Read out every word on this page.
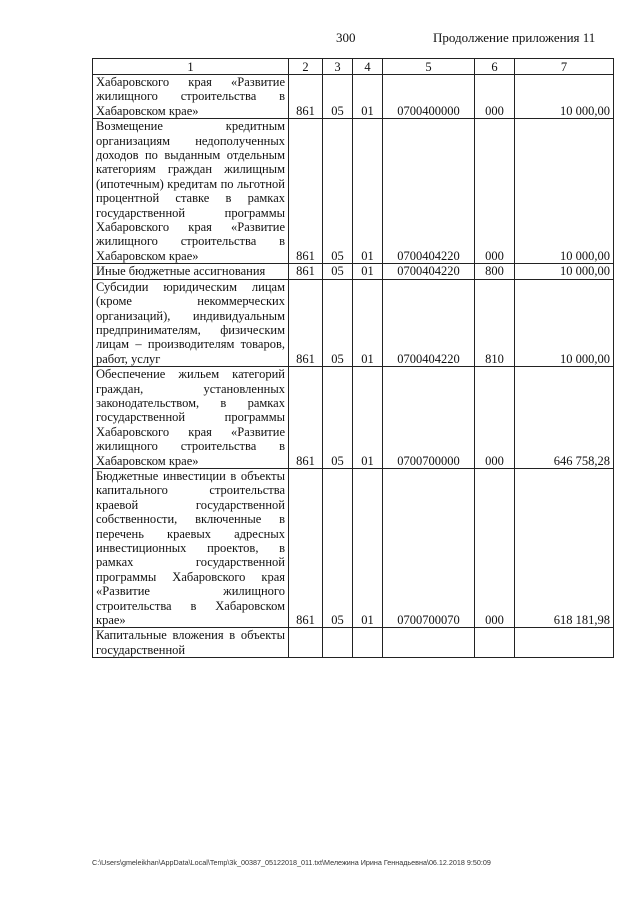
300	Продолжение приложения 11
1	2	3	4	5	6	7
Хабаровского края «Развитие жилищного строительства в Хабаровском крае»	861	05	01	0700400000	000	10 000,00
Возмещение кредитным организациям недополученных доходов по выданным отдельным категориям граждан жилищным (ипотечным) кредитам по льготной процентной ставке в рамках государственной программы Хабаровского края «Развитие жилищного строительства в Хабаровском крае»	861	05	01	0700404220	000	10 000,00
Иные бюджетные ассигнования	861	05	01	0700404220	800	10 000,00
Субсидии юридическим лицам (кроме некоммерческих организаций), индивидуальным предпринимателям, физическим лицам – производителям товаров, работ, услуг	861	05	01	0700404220	810	10 000,00
Обеспечение жильем категорий граждан, установленных законодательством, в рамках государственной программы Хабаровского края «Развитие жилищного строительства в Хабаровском крае»	861	05	01	0700700000	000	646 758,28
Бюджетные инвестиции в объекты капитального строительства краевой государственной собственности, включенные в перечень краевых адресных инвестиционных проектов, в рамках государственной программы Хабаровского края «Развитие жилищного строительства в Хабаровском крае»	861	05	01	0700700070	000	618 181,98
Капитальные вложения в объекты государственной						
C:\Users\gmeleikhan\AppData\Local\Temp\3k_00387_05122018_011.txt\Мележина Ирина Геннадьевна\06.12.2018 9:50:09
